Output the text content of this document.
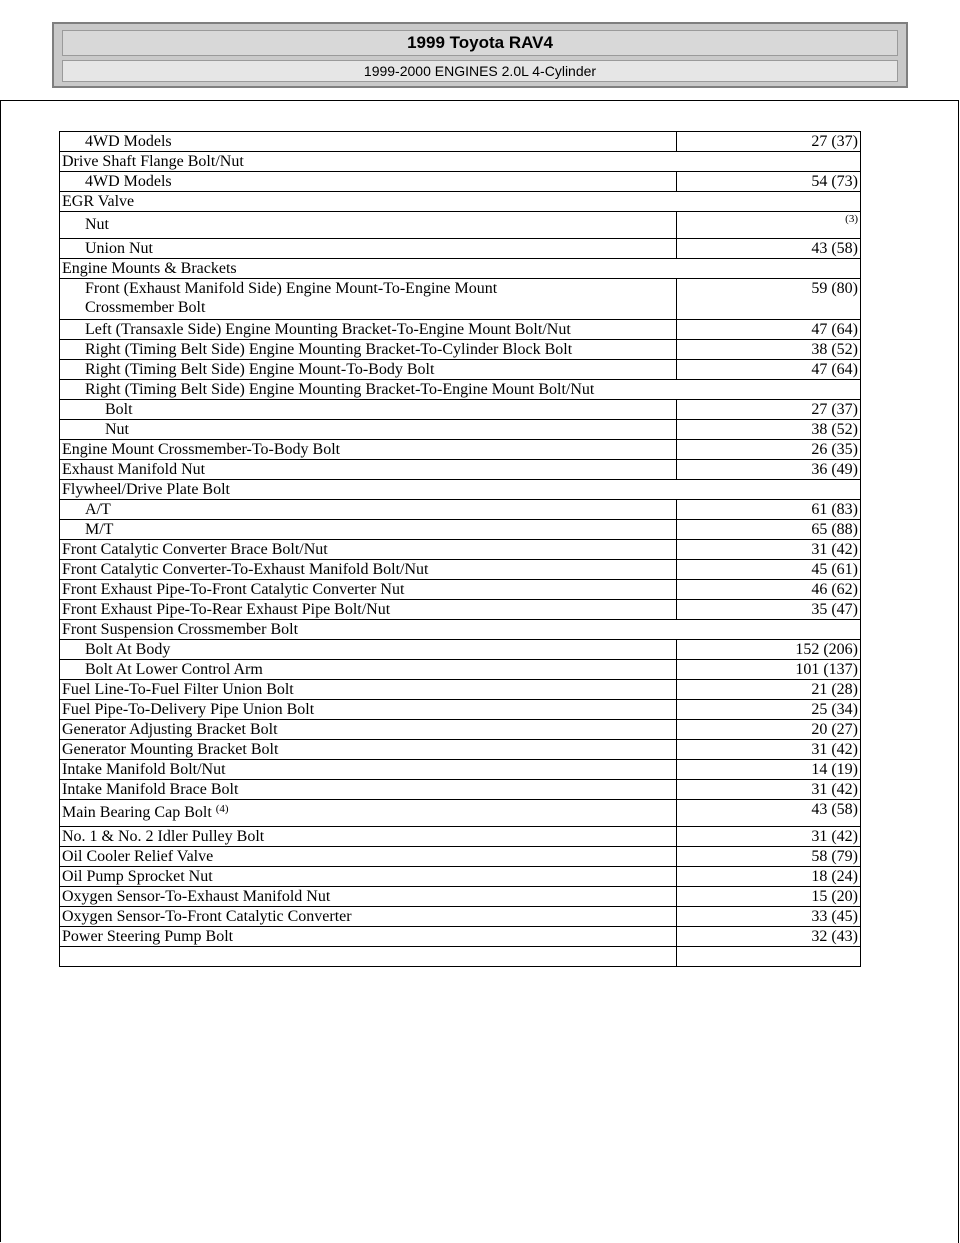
1999 Toyota RAV4
1999-2000 ENGINES 2.0L 4-Cylinder
4WD Models	27 (37)
Drive Shaft Flange Bolt/Nut	
4WD Models	54 (73)
EGR Valve	
Nut	(3)
Union Nut	43 (58)
Engine Mounts & Brackets	
Front (Exhaust Manifold Side) Engine Mount-To-Engine Mount
Crossmember Bolt	59 (80)
Left (Transaxle Side) Engine Mounting Bracket-To-Engine Mount Bolt/Nut	47 (64)
Right (Timing Belt Side) Engine Mounting Bracket-To-Cylinder Block Bolt	38 (52)
Right (Timing Belt Side) Engine Mount-To-Body Bolt	47 (64)
Right (Timing Belt Side) Engine Mounting Bracket-To-Engine Mount Bolt/Nut	
Bolt	27 (37)
Nut	38 (52)
Engine Mount Crossmember-To-Body Bolt	26 (35)
Exhaust Manifold Nut	36 (49)
Flywheel/Drive Plate Bolt	
A/T	61 (83)
M/T	65 (88)
Front Catalytic Converter Brace Bolt/Nut	31 (42)
Front Catalytic Converter-To-Exhaust Manifold Bolt/Nut	45 (61)
Front Exhaust Pipe-To-Front Catalytic Converter Nut	46 (62)
Front Exhaust Pipe-To-Rear Exhaust Pipe Bolt/Nut	35 (47)
Front Suspension Crossmember Bolt	
Bolt At Body	152 (206)
Bolt At Lower Control Arm	101 (137)
Fuel Line-To-Fuel Filter Union Bolt	21 (28)
Fuel Pipe-To-Delivery Pipe Union Bolt	25 (34)
Generator Adjusting Bracket Bolt	20 (27)
Generator Mounting Bracket Bolt	31 (42)
Intake Manifold Bolt/Nut	14 (19)
Intake Manifold Brace Bolt	31 (42)
Main Bearing Cap Bolt $^{(4)}$	43 (58)
No. 1 & No. 2 Idler Pulley Bolt	31 (42)
Oil Cooler Relief Valve	58 (79)
Oil Pump Sprocket Nut	18 (24)
Oxygen Sensor-To-Exhaust Manifold Nut	15 (20)
Oxygen Sensor-To-Front Catalytic Converter	33 (45)
Power Steering Pump Bolt	32 (43)
